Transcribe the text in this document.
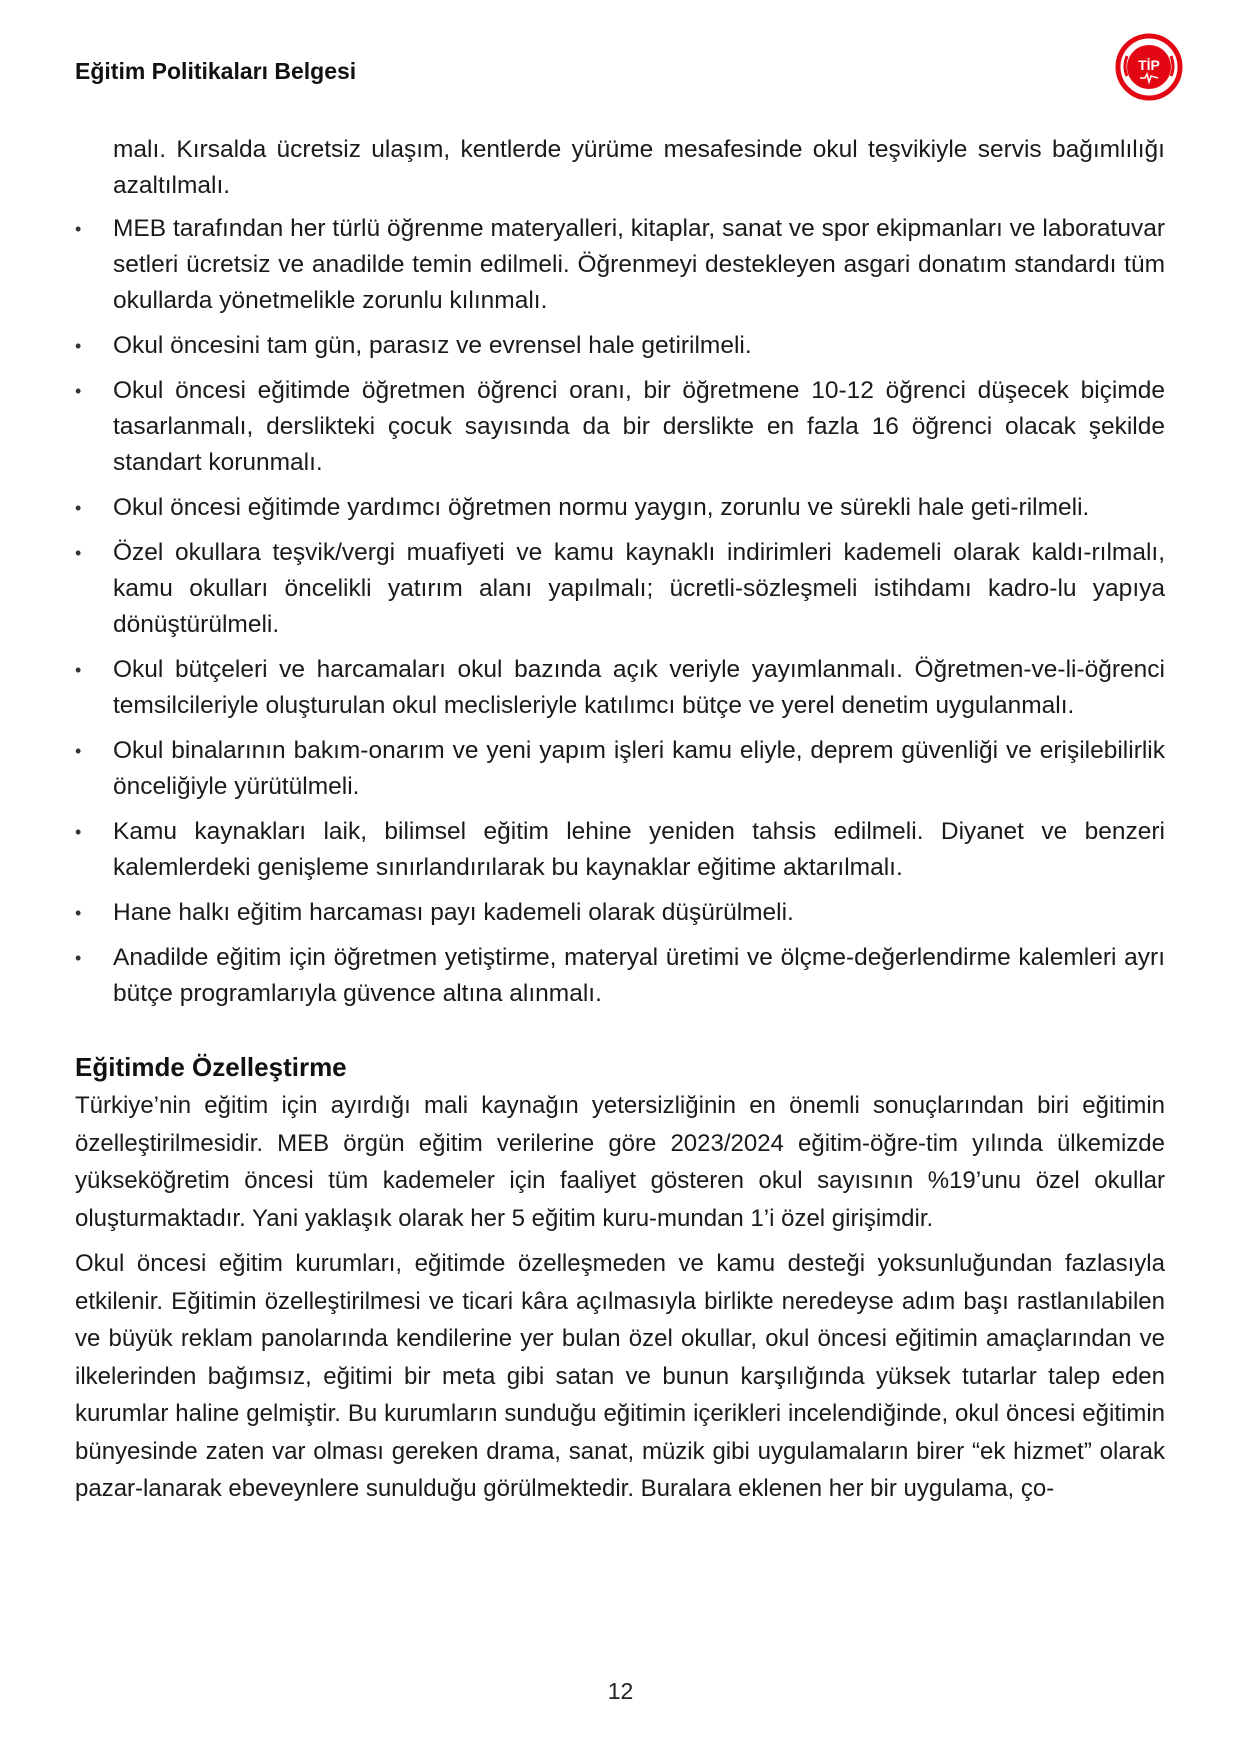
Eğitim Politikaları Belgesi	TİP
malı. Kırsalda ücretsiz ulaşım, kentlerde yürüme mesafesinde okul teşvikiyle servis bağımlılığı azaltılmalı.
• MEB tarafından her türlü öğrenme materyalleri, kitaplar, sanat ve spor ekipmanları ve laboratuvar setleri ücretsiz ve anadilde temin edilmeli. Öğrenmeyi destekleyen asgari donatım standardı tüm okullarda yönetmelikle zorunlu kılınmalı.
• Okul öncesini tam gün, parasız ve evrensel hale getirilmeli.
• Okul öncesi eğitimde öğretmen öğrenci oranı, bir öğretmene 10-12 öğrenci düşecek biçimde tasarlanmalı, derslikteki çocuk sayısında da bir derslikte en fazla 16 öğrenci olacak şekilde standart korunmalı.
• Okul öncesi eğitimde yardımcı öğretmen normu yaygın, zorunlu ve sürekli hale geti-rilmeli.
• Özel okullara teşvik/vergi muafiyeti ve kamu kaynaklı indirimleri kademeli olarak kaldı-rılmalı, kamu okulları öncelikli yatırım alanı yapılmalı; ücretli-sözleşmeli istihdamı kadro-lu yapıya dönüştürülmeli.
• Okul bütçeleri ve harcamaları okul bazında açık veriyle yayımlanmalı. Öğretmen-ve-li-öğrenci temsilcileriyle oluşturulan okul meclisleriyle katılımcı bütçe ve yerel denetim uygulanmalı.
• Okul binalarının bakım-onarım ve yeni yapım işleri kamu eliyle, deprem güvenliği ve erişilebilirlik önceliğiyle yürütülmeli.
• Kamu kaynakları laik, bilimsel eğitim lehine yeniden tahsis edilmeli. Diyanet ve benzeri kalemlerdeki genişleme sınırlandırılarak bu kaynaklar eğitime aktarılmalı.
• Hane halkı eğitim harcaması payı kademeli olarak düşürülmeli.
• Anadilde eğitim için öğretmen yetiştirme, materyal üretimi ve ölçme-değerlendirme kalemleri ayrı bütçe programlarıyla güvence altına alınmalı.
Eğitimde Özelleştirme

Türkiye’nin eğitim için ayırdığı mali kaynağın yetersizliğinin en önemli sonuçlarından biri eğitimin özelleştirilmesidir. MEB örgün eğitim verilerine göre 2023/2024 eğitim-öğre-tim yılında ülkemizde yükseköğretim öncesi tüm kademeler için faaliyet gösteren okul sayısının %19’unu özel okullar oluşturmaktadır. Yani yaklaşık olarak her 5 eğitim kuru-mundan 1’i özel girişimdir.

Okul öncesi eğitim kurumları, eğitimde özelleşmeden ve kamu desteği yoksunluğundan fazlasıyla etkilenir. Eğitimin özelleştirilmesi ve ticari kâra açılmasıyla birlikte neredeyse adım başı rastlanılabilen ve büyük reklam panolarında kendilerine yer bulan özel okullar, okul öncesi eğitimin amaçlarından ve ilkelerinden bağımsız, eğitimi bir meta gibi satan ve bunun karşılığında yüksek tutarlar talep eden kurumlar haline gelmiştir. Bu kurumların sunduğu eğitimin içerikleri incelendiğinde, okul öncesi eğitimin bünyesinde zaten var olması gereken drama, sanat, müzik gibi uygulamaların birer “ek hizmet” olarak pazar-lanarak ebeveynlere sunulduğu görülmektedir. Buralara eklenen her bir uygulama, ço-

12
